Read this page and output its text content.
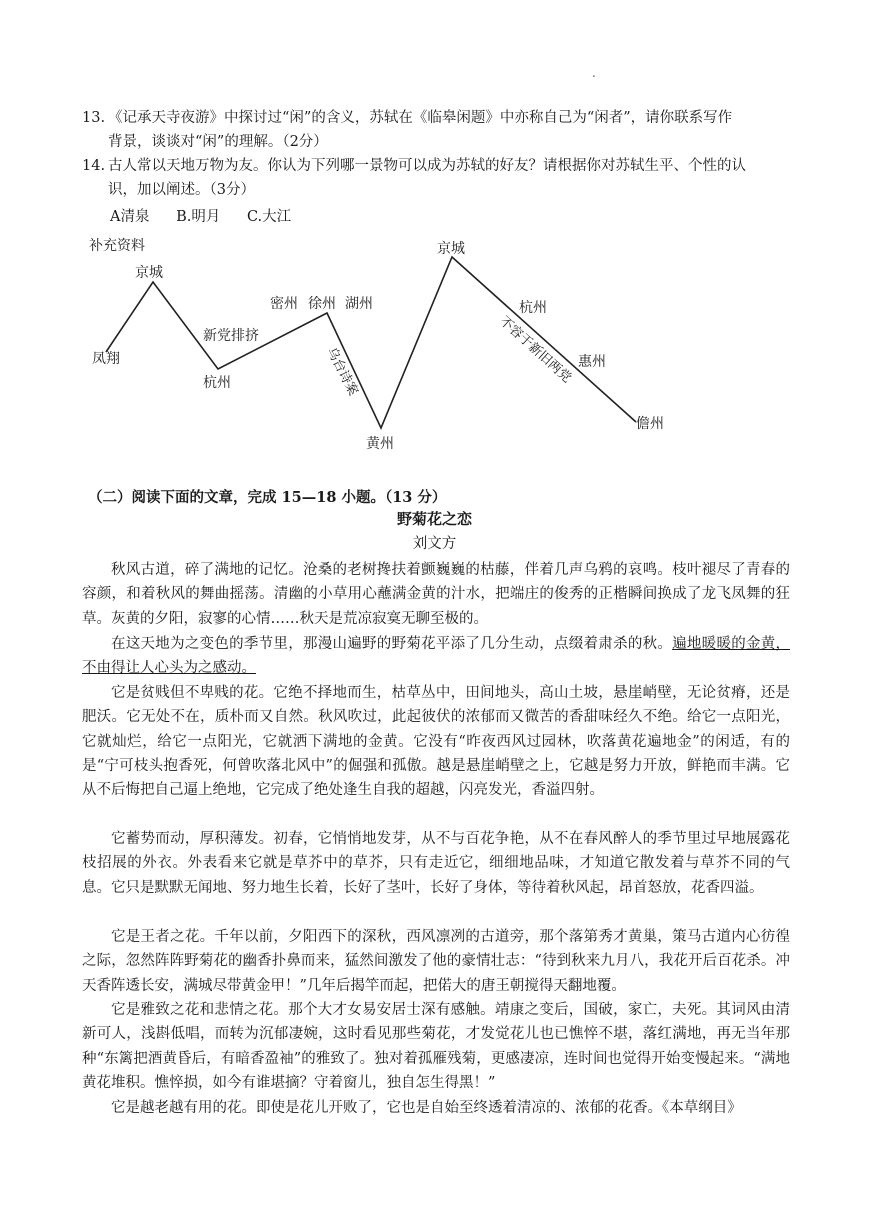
.
13. 《记承天寺夜游》中探讨过“闲”的含义，苏轼在《临皋闲题》中亦称自己为“闲者”，请你联系写作
背景，谈谈对“闲”的理解。（2分）
14. 古人常以天地万物为友。你认为下列哪一景物可以成为苏轼的好友？请根据你对苏轼生平、个性的认
识，加以阐述。（3分）
A清泉 B.明月 C.大江
补充资料
凤翔
京城
杭州
密州 徐州 湖州
黄州
京城
杭州
惠州
儋州
新党排挤
乌台诗案	不容于新旧两党
（二）阅读下面的文章，完成 15—18 小题。（13 分）
野菊花之恋
刘文方

秋风古道，碎了满地的记忆。沧桑的老树搀扶着颤巍巍的枯藤，伴着几声乌鸦的哀鸣。枝叶褪尽了青春的容颜，和着秋风的舞曲摇荡。清幽的小草用心蘸满金黄的汁水，把端庄的俊秀的正楷瞬间换成了龙飞凤舞的狂草。灰黄的夕阳，寂寥的心情……秋天是荒凉寂寞无聊至极的。

在这天地为之变色的季节里，那漫山遍野的野菊花平添了几分生动，点缀着肃杀的秋。遍地暖暖的金黄，不由得让人心头为之感动。

它是贫贱但不卑贱的花。它绝不择地而生，枯草丛中，田间地头，高山土坡，悬崖峭壁，无论贫瘠，还是肥沃。它无处不在，质朴而又自然。秋风吹过，此起彼伏的浓郁而又微苦的香甜味经久不绝。给它一点阳光，它就灿烂，给它一点阳光，它就洒下满地的金黄。它没有“昨夜西风过园林，吹落黄花遍地金”的闲适，有的是“宁可枝头抱香死，何曾吹落北风中”的倔强和孤傲。越是悬崖峭壁之上，它越是努力开放，鲜艳而丰满。它从不后悔把自己逼上绝地，它完成了绝处逢生自我的超越，闪亮发光，香溢四射。

它蓄势而动，厚积薄发。初春，它悄悄地发芽，从不与百花争艳，从不在春风醉人的季节里过早地展露花枝招展的外衣。外表看来它就是草芥中的草芥，只有走近它，细细地品味，才知道它散发着与草芥不同的气息。它只是默默无闻地、努力地生长着，长好了茎叶，长好了身体，等待着秋风起，昂首怒放，花香四溢。

它是王者之花。千年以前，夕阳西下的深秋，西风凛冽的古道旁，那个落第秀才黄巢，策马古道内心彷徨之际，忽然阵阵野菊花的幽香扑鼻而来，猛然间激发了他的豪情壮志：“待到秋来九月八，我花开后百花杀。冲天香阵透长安，满城尽带黄金甲！”几年后揭竿而起，把偌大的唐王朝搅得天翻地覆。

它是雅致之花和悲情之花。那个大才女易安居士深有感触。靖康之变后，国破，家亡，夫死。其词风由清新可人，浅斟低唱，而转为沉郁凄婉，这时看见那些菊花，才发觉花儿也已憔悴不堪，落红满地，再无当年那种“东篱把酒黄昏后，有暗香盈袖”的雅致了。独对着孤雁残菊，更感凄凉，连时间也觉得开始变慢起来。“满地黄花堆积。憔悴损，如今有谁堪摘？守着窗儿，独自怎生得黑！”

它是越老越有用的花。即使是花儿开败了，它也是自始至终透着清凉的、浓郁的花香。《本草纲目》
